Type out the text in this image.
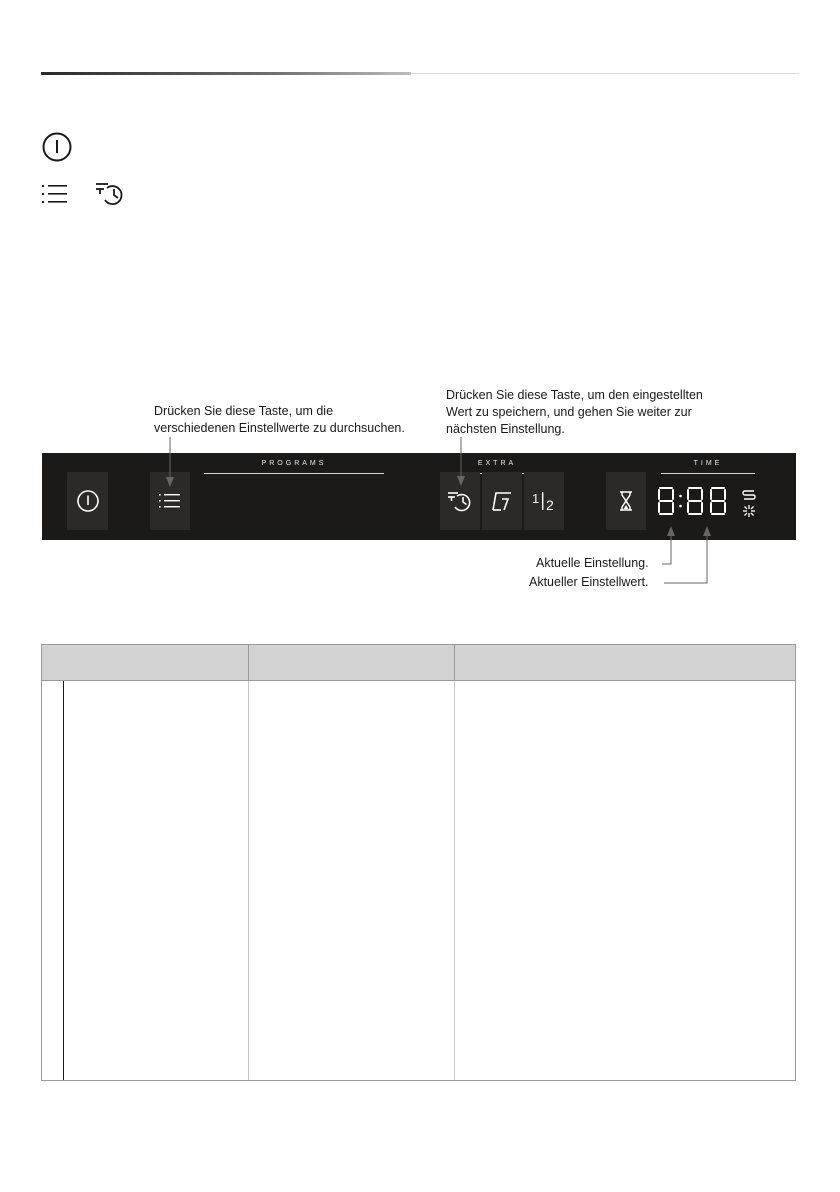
Drücken Sie diese Taste, um die
verschiedenen Einstellwerte zu durchsuchen.

Drücken Sie diese Taste, um den eingestellten
Wert zu speichern, und gehen Sie weiter zur
nächsten Einstellung.

PROGRAMS	EXTRA	TIME
1 2
Aktuelle Einstellung.
Aktueller Einstellwert.
